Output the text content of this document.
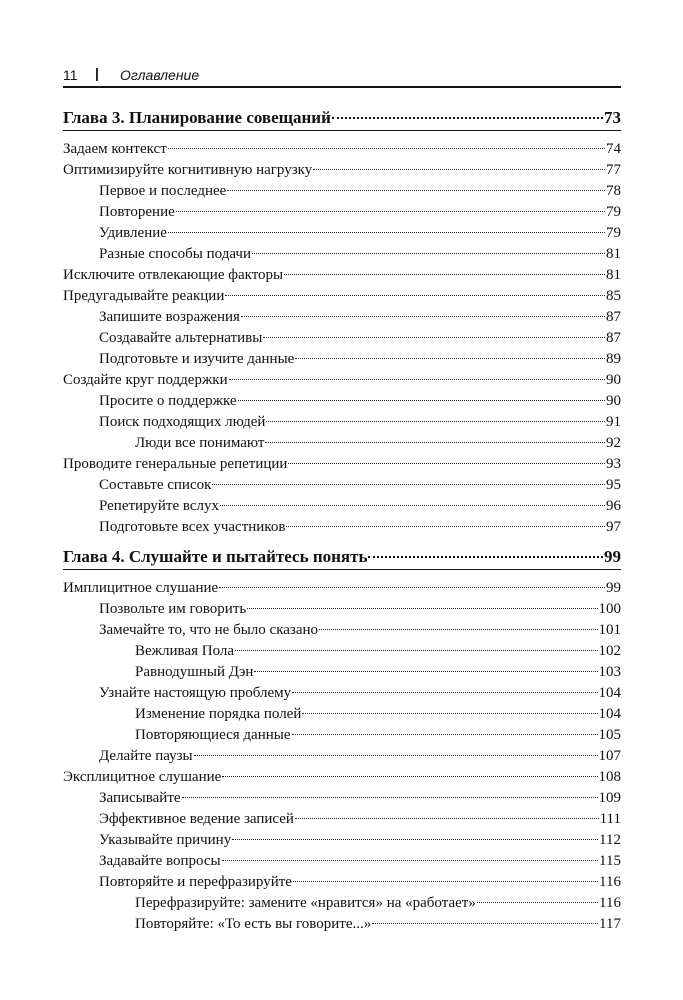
11 | Оглавление
Глава 3. Планирование совещаний	73
Задаем контекст	74
Оптимизируйте когнитивную нагрузку	77
Первое и последнее	78
Повторение	79
Удивление	79
Разные способы подачи	81
Исключите отвлекающие факторы	81
Предугадывайте реакции	85
Запишите возражения	87
Создавайте альтернативы	87
Подготовьте и изучите данные	89
Создайте круг поддержки	90
Просите о поддержке	90
Поиск подходящих людей	91
Люди все понимают	92
Проводите генеральные репетиции	93
Составьте список	95
Репетируйте вслух	96
Подготовьте всех участников	97
Глава 4. Слушайте и пытайтесь понять	99
Имплицитное слушание	99
Позвольте им говорить	100
Замечайте то, что не было сказано	101
Вежливая Пола	102
Равнодушный Дэн	103
Узнайте настоящую проблему	104
Изменение порядка полей	104
Повторяющиеся данные	105
Делайте паузы	107
Эксплицитное слушание	108
Записывайте	109
Эффективное ведение записей	111
Указывайте причину	112
Задавайте вопросы	115
Повторяйте и перефразируйте	116
Перефразируйте: замените «нравится» на «работает»	116
Повторяйте: «То есть вы говорите...»	117
